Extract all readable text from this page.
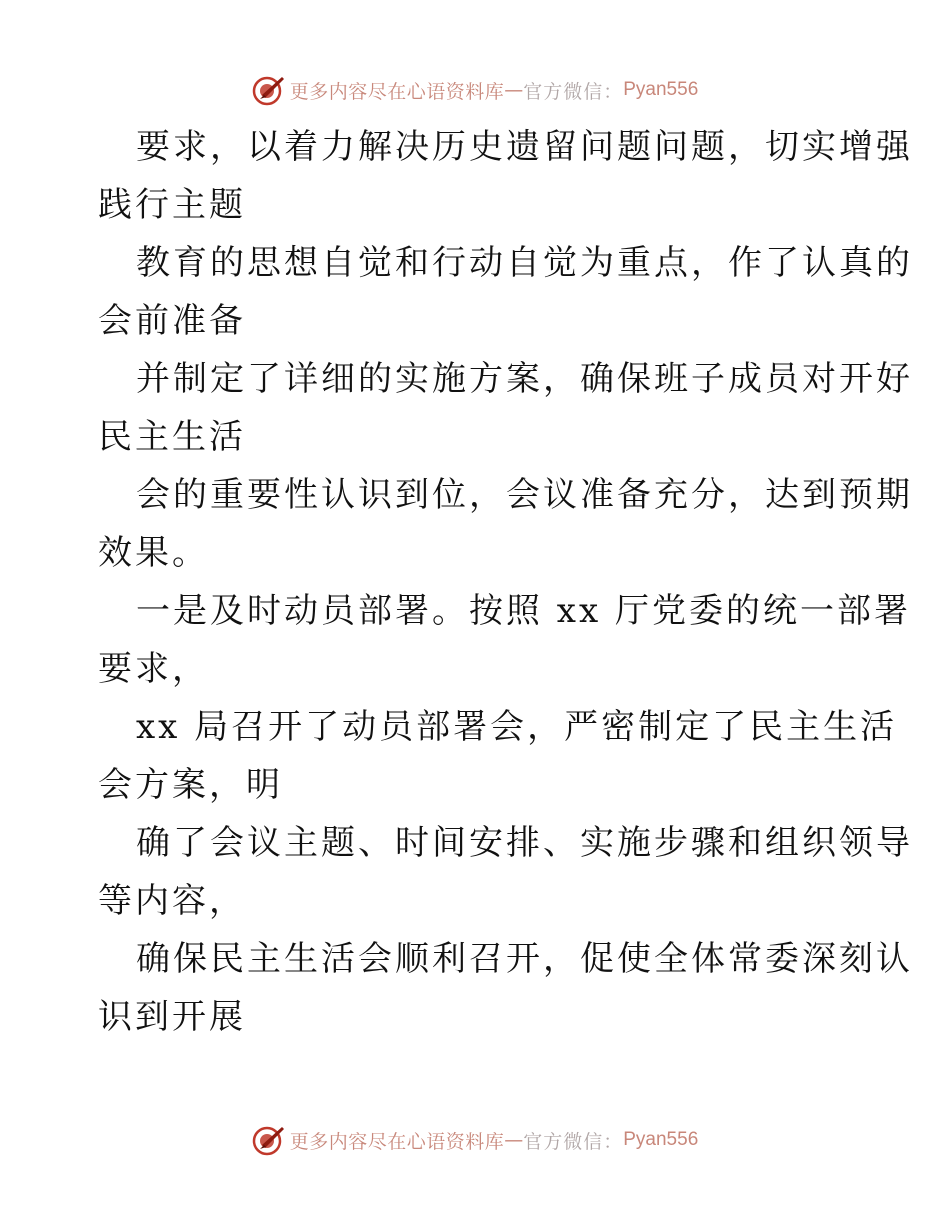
更多内容尽在心语资料库 — 官方微信： Pyan556
要求，以着力解决历史遗留问题问题，切实增强
践行主题
教育的思想自觉和行动自觉为重点，作了认真的
会前准备
并制定了详细的实施方案，确保班子成员对开好
民主生活
会的重要性认识到位，会议准备充分，达到预期
效果。
一是及时动员部署。按照 xx 厅党委的统一部署
要求，
xx 局召开了动员部署会，严密制定了民主生活
会方案，明
确了会议主题、时间安排、实施步骤和组织领导
等内容，
确保民主生活会顺利召开，促使全体常委深刻认
识到开展
更多内容尽在心语资料库 — 官方微信： Pyan556
